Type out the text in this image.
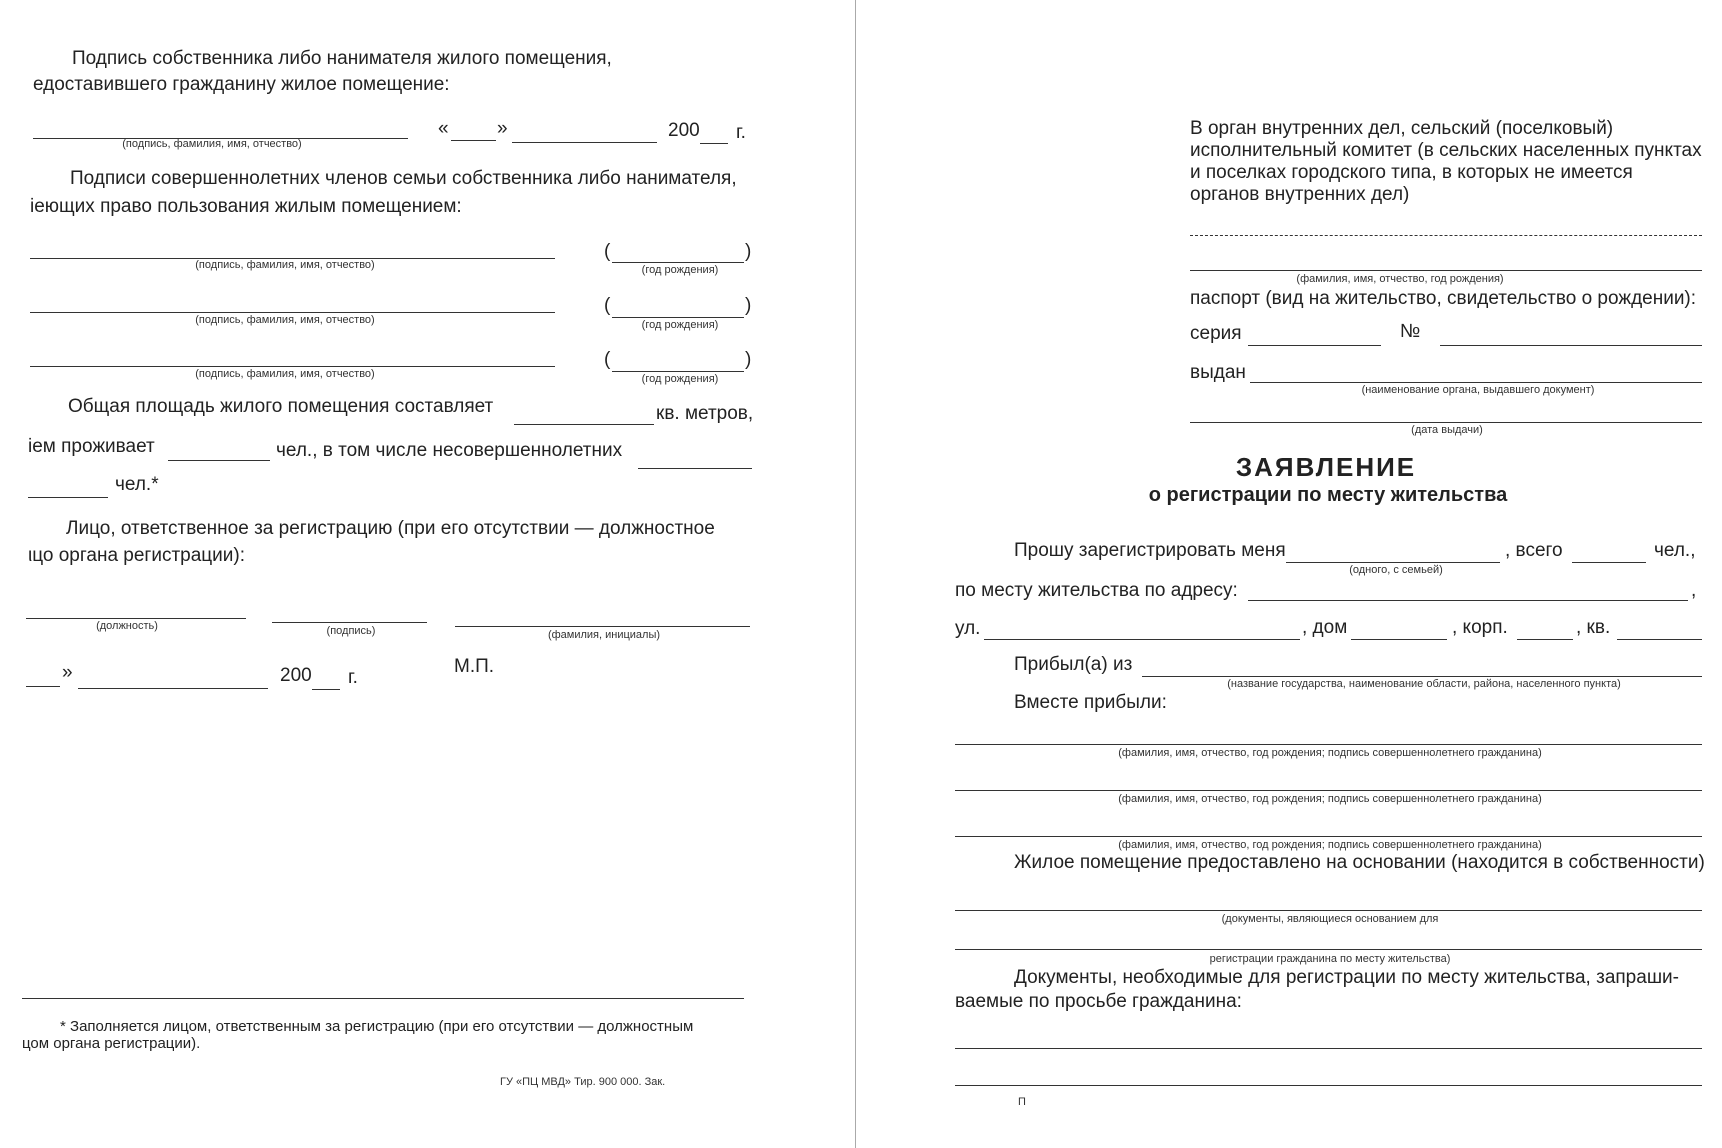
Подпись собственника либо нанимателя жилого помещения,
едоставившего гражданину жилое помещение:
(подпись, фамилия, имя, отчество)
«	»	200 г.
Подписи совершеннолетних членов семьи собственника либо нанимателя,
іеющих право пользования жилым помещением:
(подпись, фамилия, имя, отчество)
(	)
(год рождения)
(подпись, фамилия, имя, отчество)
(	)
(год рождения)
(подпись, фамилия, имя, отчество)
(	)
(год рождения)
Общая площадь жилого помещения составляет	кв. метров,
іем проживает	чел., в том числе несовершеннолетних
чел.*
Лицо, ответственное за регистрацию (при его отсутствии — должностное
ιцо органа регистрации):
(должность)	(подпись)	(фамилия, инициалы)
»	200 г.
М.П.
* Заполняется лицом, ответственным за регистрацию (при его отсутствии — должностным
цом органа регистрации).
ГУ «ПЦ МВД» Тир. 900 000. Зак.
В орган внутренних дел, сельский (поселковый)
исполнительный комитет (в сельских населенных пунктах
и поселках городского типа, в которых не имеется
органов внутренних дел)
(фамилия, имя, отчество, год рождения)
паспорт (вид на жительство, свидетельство о рождении):
серия	№
выдан
(наименование органа, выдавшего документ)
(дата выдачи)
ЗАЯВЛЕНИЕ
о регистрации по месту жительства
Прошу зарегистрировать меня
(одного, с семьей)
, всего	чел.,
по месту жительства по адресу:	,
ул.	, дом	, корп.	, кв.
Прибыл(а) из
(название государства, наименование области, района, населенного пункта)
Вместе прибыли:
(фамилия, имя, отчество, год рождения; подпись совершеннолетнего гражданина)
(фамилия, имя, отчество, год рождения; подпись совершеннолетнего гражданина)
(фамилия, имя, отчество, год рождения; подпись совершеннолетнего гражданина)
Жилое помещение предоставлено на основании (находится в собственности)
(документы, являющиеся основанием для
регистрации гражданина по месту жительства)
Документы, необходимые для регистрации по месту жительства, запраши-
ваемые по просьбе гражданина:
П
